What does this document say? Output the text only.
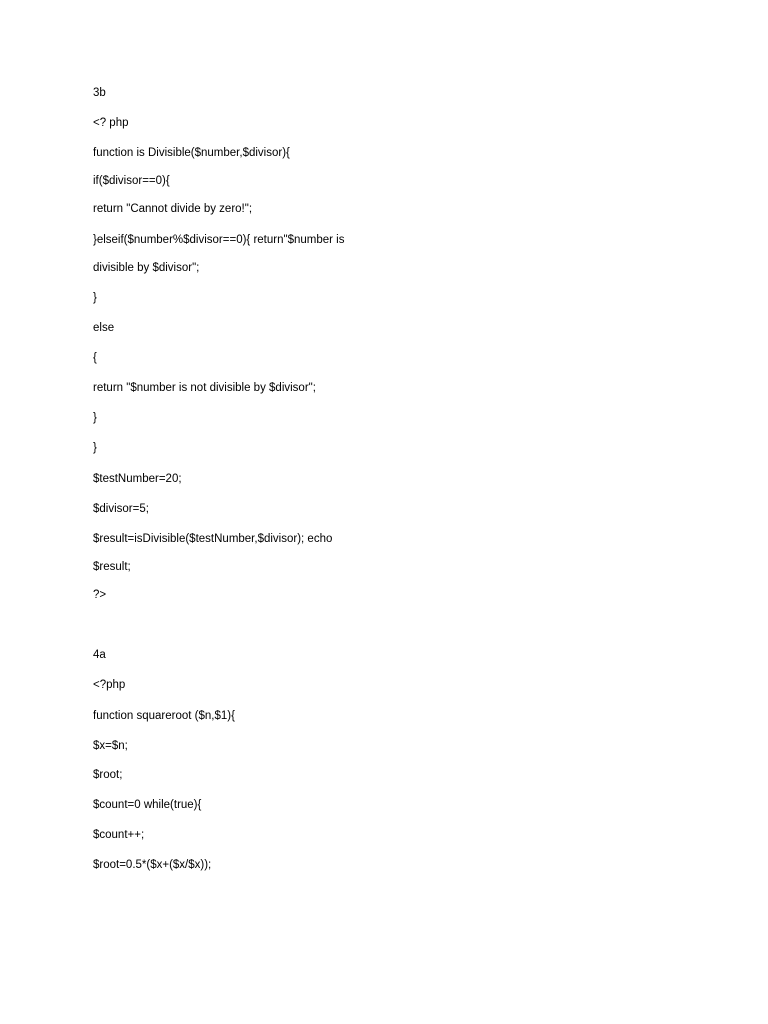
3b
<? php
function is Divisible($number,$divisor){
if($divisor==0){
return "Cannot divide by zero!";
}elseif($number%$divisor==0){ return"$number is
divisible by $divisor";
}
else
{
return "$number is not divisible by $divisor";
}
}
$testNumber=20;
$divisor=5;
$result=isDivisible($testNumber,$divisor); echo
$result;
?>
4a
<?php
function squareroot ($n,$1){
$x=$n;
$root;
$count=0 while(true){
$count++;
$root=0.5*($x+($x/$x));
